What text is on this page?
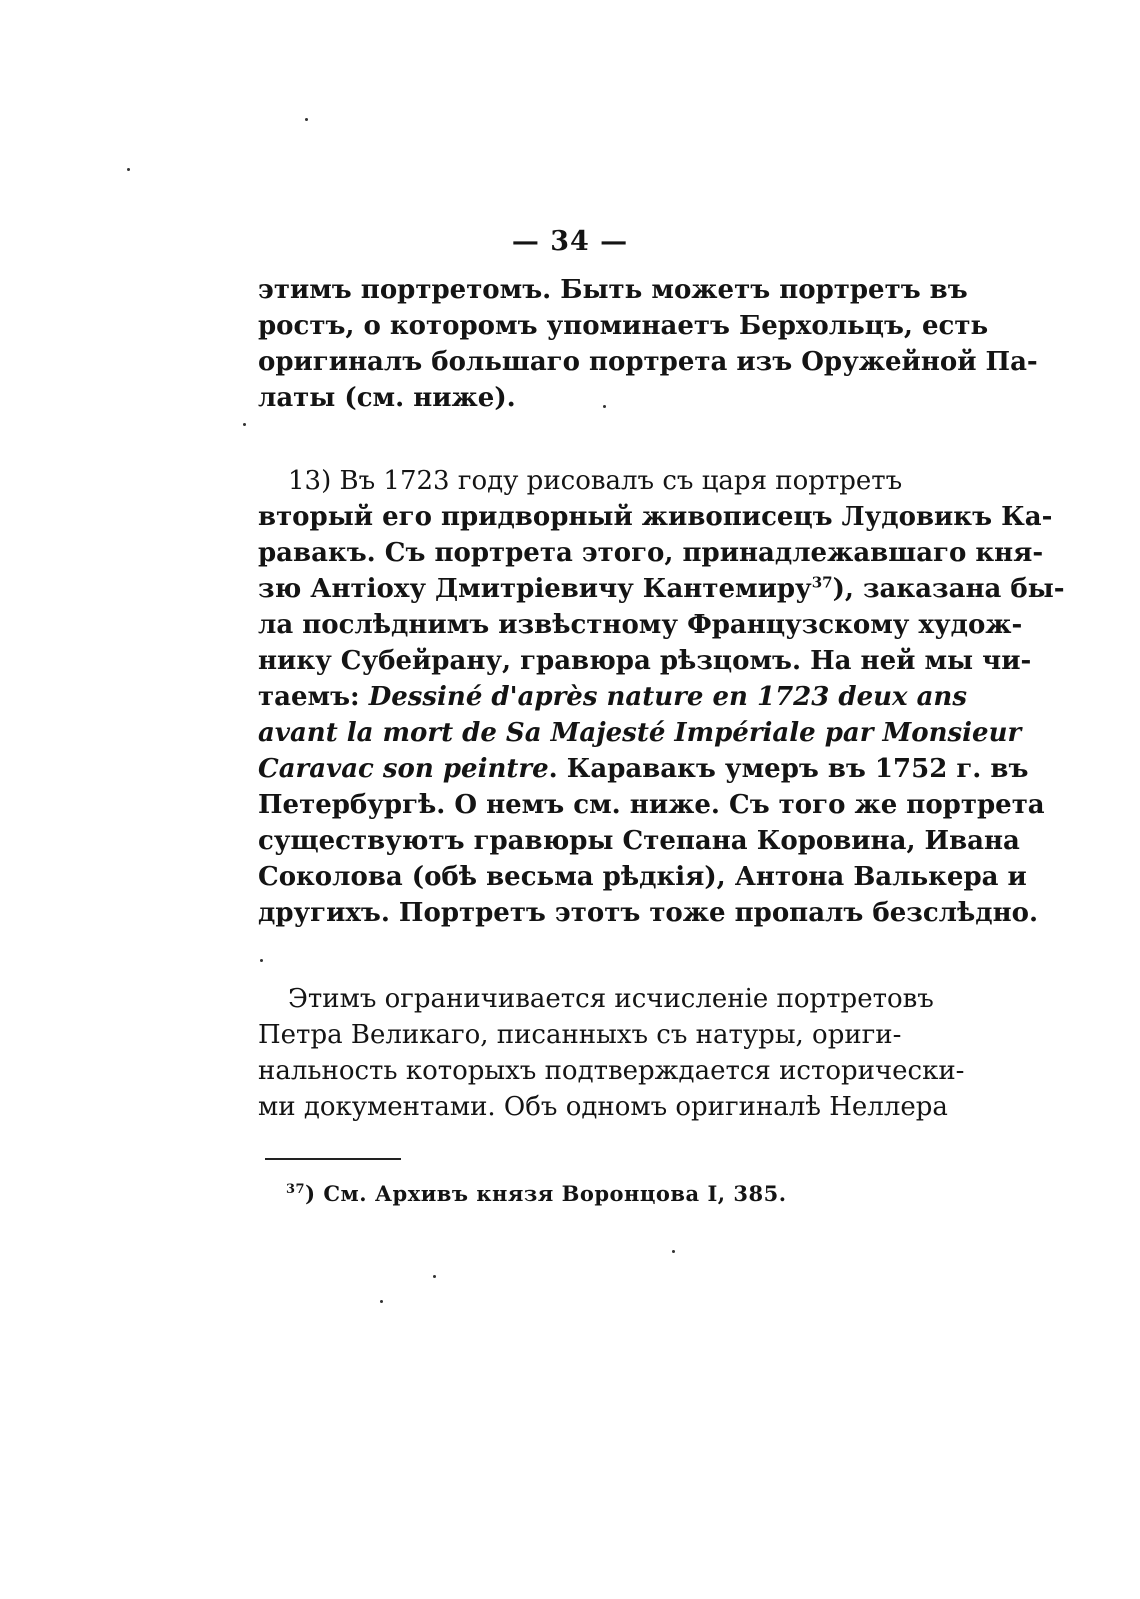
— 34 —
этимъ портретомъ. Быть можетъ портретъ въ
ростъ, о которомъ упоминаетъ Берхольцъ, есть
оригиналъ большаго портрета изъ Оружейной Па-
латы (см. ниже).
13) Въ 1723 году рисовалъ съ царя портретъ
вторый его придворный живописецъ Лудовикъ Ка-
равакъ. Съ портрета этого, принадлежавшаго кня-
зю Антіоху Дмитріевичу Кантемиру$^{37}$), заказана бы-
ла послѣднимъ извѣстному Французскому худож-
нику Субейрану, гравюра рѣзцомъ. На ней мы чи-
таемъ: Dessiné d'après nature en 1723 deux ans
avant la mort de Sa Majesté Impériale par Monsieur
Caravac son peintre. Каравакъ умеръ въ 1752 г. въ
Петербургѣ. О немъ см. ниже. Съ того же портрета
существуютъ гравюры Степана Коровина, Ивана
Соколова (обѣ весьма рѣдкія), Антона Валькера и
другихъ. Портретъ этотъ тоже пропалъ безслѣдно.
Этимъ ограничивается исчисленіе портретовъ
Петра Великаго, писанныхъ съ натуры, ориги-
нальность которыхъ подтверждается исторически-
ми документами. Объ одномъ оригиналѣ Неллера
$^{37}$) См. Архивъ князя Воронцова I, 385.
